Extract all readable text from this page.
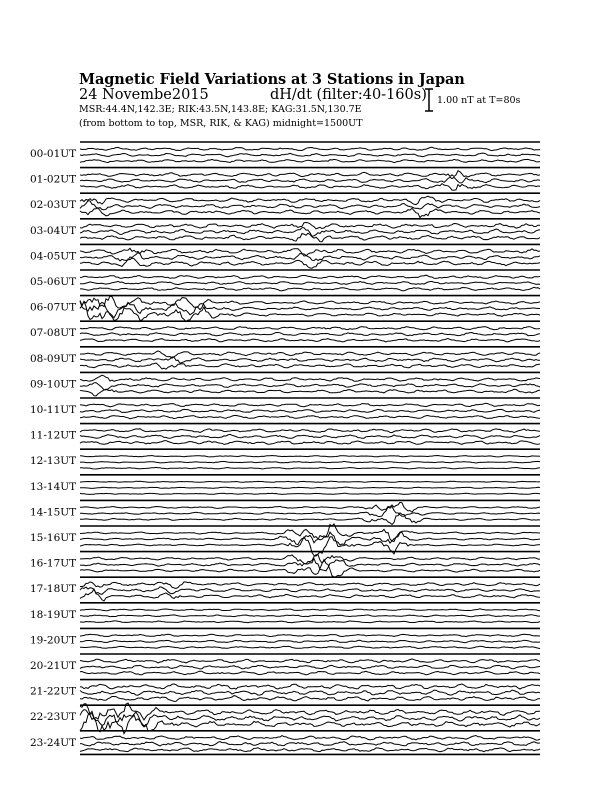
Magnetic Field Variations at 3 Stations in Japan
24 Novembe2015	dH/dt (filter:40-160s)
MSR:44.4N,142.3E; RIK:43.5N,143.8E; KAG:31.5N,130.7E
(from bottom to top, MSR, RIK, & KAG) midnight=1500UT
1.00 nT at T=80s
00-01UT
01-02UT
02-03UT
03-04UT
04-05UT
05-06UT
06-07UT
07-08UT
08-09UT
09-10UT
10-11UT
11-12UT
12-13UT
13-14UT
14-15UT
15-16UT
16-17UT
17-18UT
18-19UT
19-20UT
20-21UT
21-22UT
22-23UT
23-24UT
